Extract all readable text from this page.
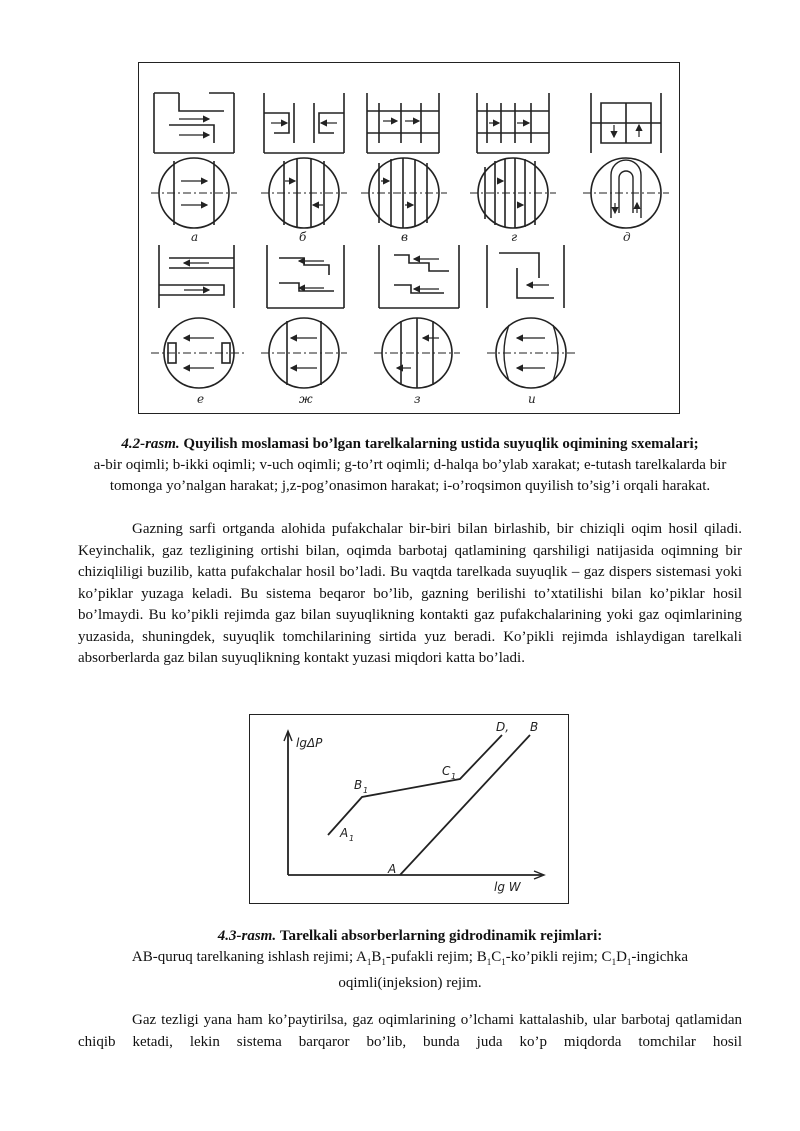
а	б	в	г	д
е	ж	з	и
4.2-rasm. Quyilish moslamasi bo’lgan tarelkalarning ustida suyuqlik oqimining sxemalari;
a-bir oqimli; b-ikki oqimli; v-uch oqimli; g-to’rt oqimli; d-halqa bo’ylab xarakat; e-tutash tarelkalarda bir tomonga yo’nalgan harakat; j,z-pog’onasimon harakat; i-o’roqsimon quyilish to’sig’i orqali harakat.
Gazning sarfi ortganda alohida pufakchalar bir-biri bilan birlashib, bir chiziqli oqim hosil qiladi. Keyinchalik, gaz tezligining ortishi bilan, oqimda barbotaj qatlamining qarshiligi natijasida oqimning bir chiziqliligi buzilib, katta pufakchalar hosil bo’ladi. Bu vaqtda tarelkada suyuqlik – gaz dispers sistemasi yoki ko’piklar yuzaga keladi. Bu sistema beqaror bo’lib, gazning berilishi to’xtatilishi bilan ko’piklar hosil bo’lmaydi. Bu ko’pikli rejimda gaz bilan suyuqlikning kontakti gaz pufakchalarining yoki gaz oqimlarining yuzasida, shuningdek, suyuqlik tomchilarining sirtida yuz beradi. Ko’pikli rejimda ishlaydigan tarelkali absorberlarda gaz bilan suyuqlikning kontakt yuzasi miqdori katta bo’ladi.
lgΔP
lg W
A 1
B 1
C 1
D, B
A
4.3-rasm. Tarelkali absorberlarning gidrodinamik rejimlari:
AB-quruq tarelkaning ishlash rejimi; $A_1B_1$-pufakli rejim; $B_1C_1-ko’pikli$ rejim; $C_1D_1$-ingichka oqimli(injeksion) rejim.
Gaz tezligi yana ham ko’paytirilsa, gaz oqimlarining o’lchami kattalashib, ular barbotaj qatlamidan chiqib ketadi, lekin sistema barqaror bo’lib, bunda juda ko’p miqdorda tomchilar hosil
